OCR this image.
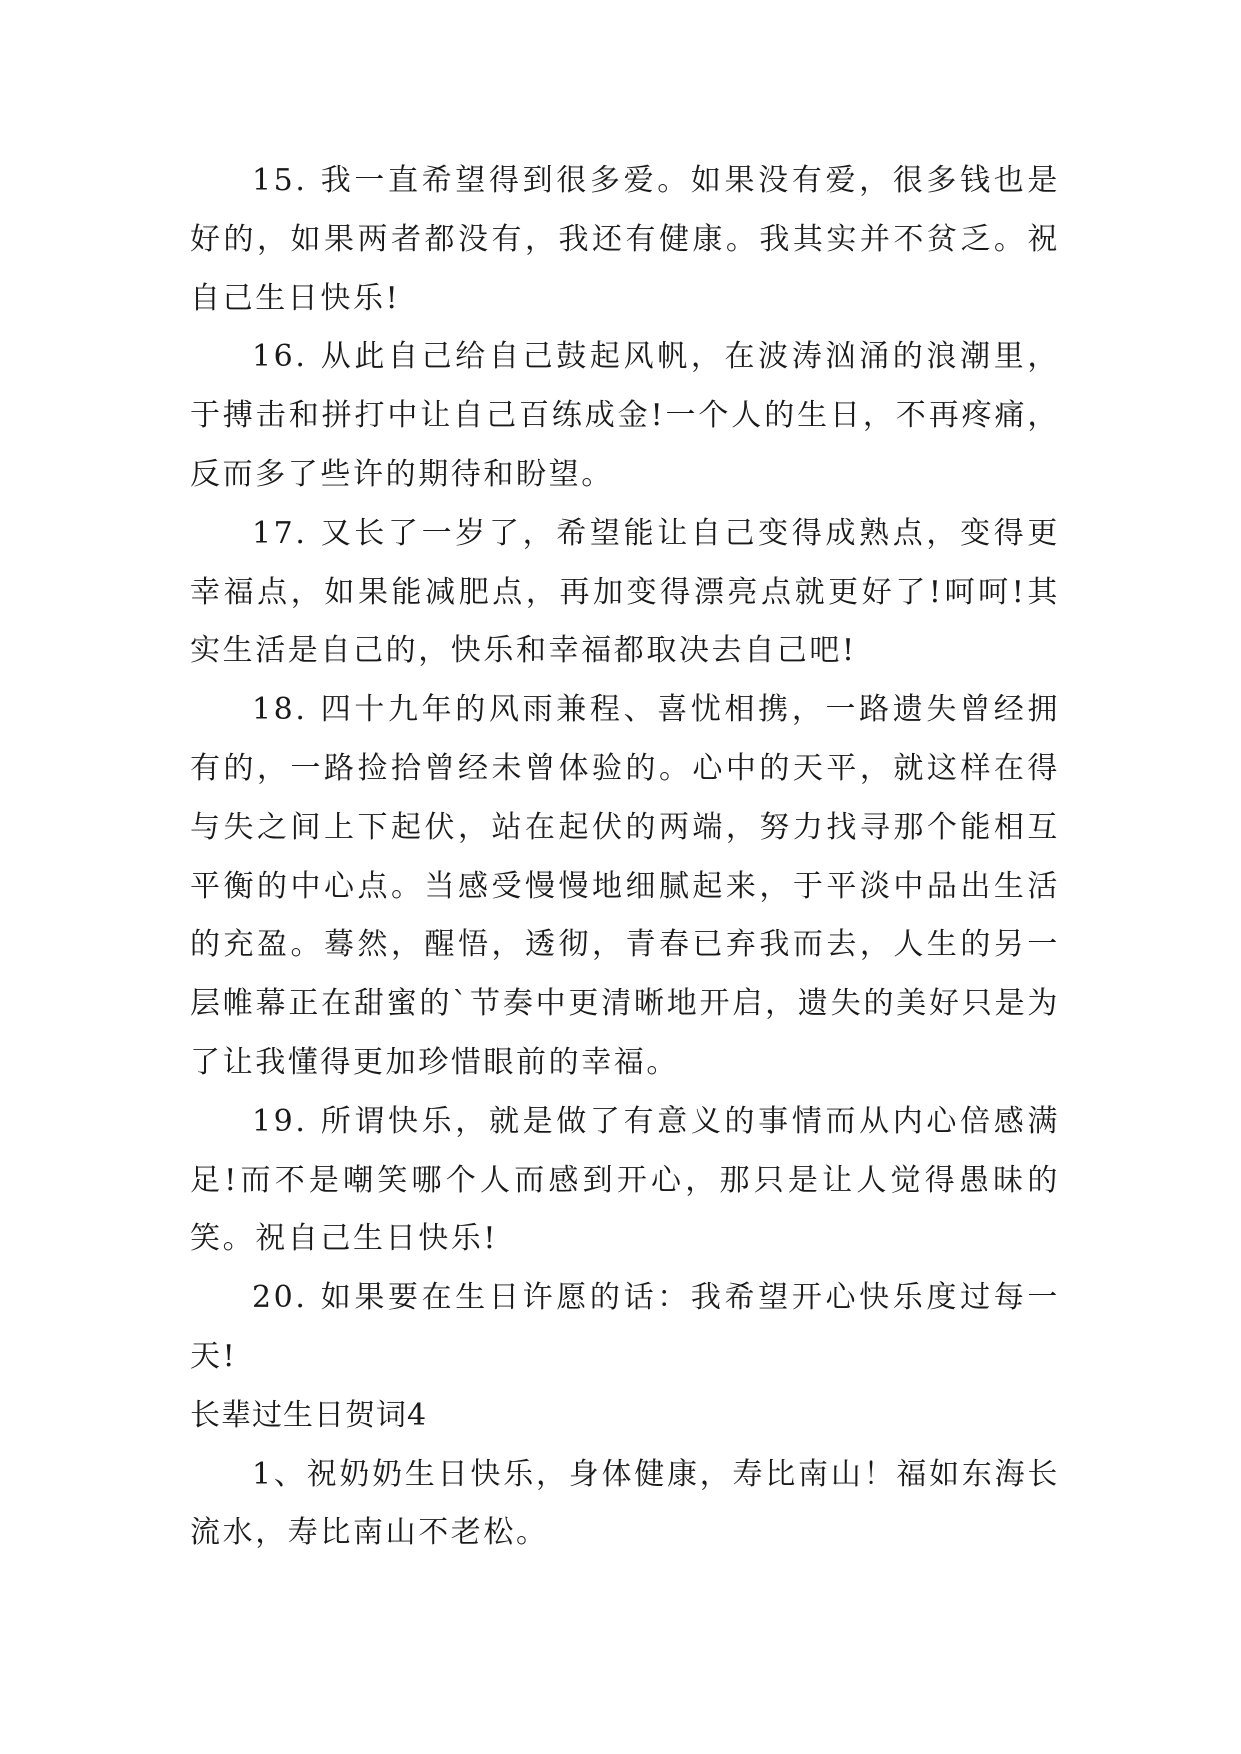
15. 我一直希望得到很多爱。如果没有爱，很多钱也是好的，如果两者都没有，我还有健康。我其实并不贫乏。祝自己生日快乐!

16. 从此自己给自己鼓起风帆，在波涛汹涌的浪潮里，于搏击和拼打中让自己百练成金!一个人的生日，不再疼痛，反而多了些许的期待和盼望。

17. 又长了一岁了，希望能让自己变得成熟点，变得更幸福点，如果能减肥点，再加变得漂亮点就更好了!呵呵!其实生活是自己的，快乐和幸福都取决去自己吧!

18. 四十九年的风雨兼程、喜忧相携，一路遗失曾经拥有的，一路捡拾曾经未曾体验的。心中的天平，就这样在得与失之间上下起伏，站在起伏的两端，努力找寻那个能相互平衡的中心点。当感受慢慢地细腻起来，于平淡中品出生活的充盈。蓦然，醒悟，透彻，青春已弃我而去，人生的另一层帷幕正在甜蜜的`节奏中更清晰地开启，遗失的美好只是为了让我懂得更加珍惜眼前的幸福。

19. 所谓快乐，就是做了有意义的事情而从内心倍感满足!而不是嘲笑哪个人而感到开心，那只是让人觉得愚昧的笑。祝自己生日快乐!

20. 如果要在生日许愿的话：我希望开心快乐度过每一天!

长辈过生日贺词4

1、祝奶奶生日快乐，身体健康，寿比南山！福如东海长流水，寿比南山不老松。
